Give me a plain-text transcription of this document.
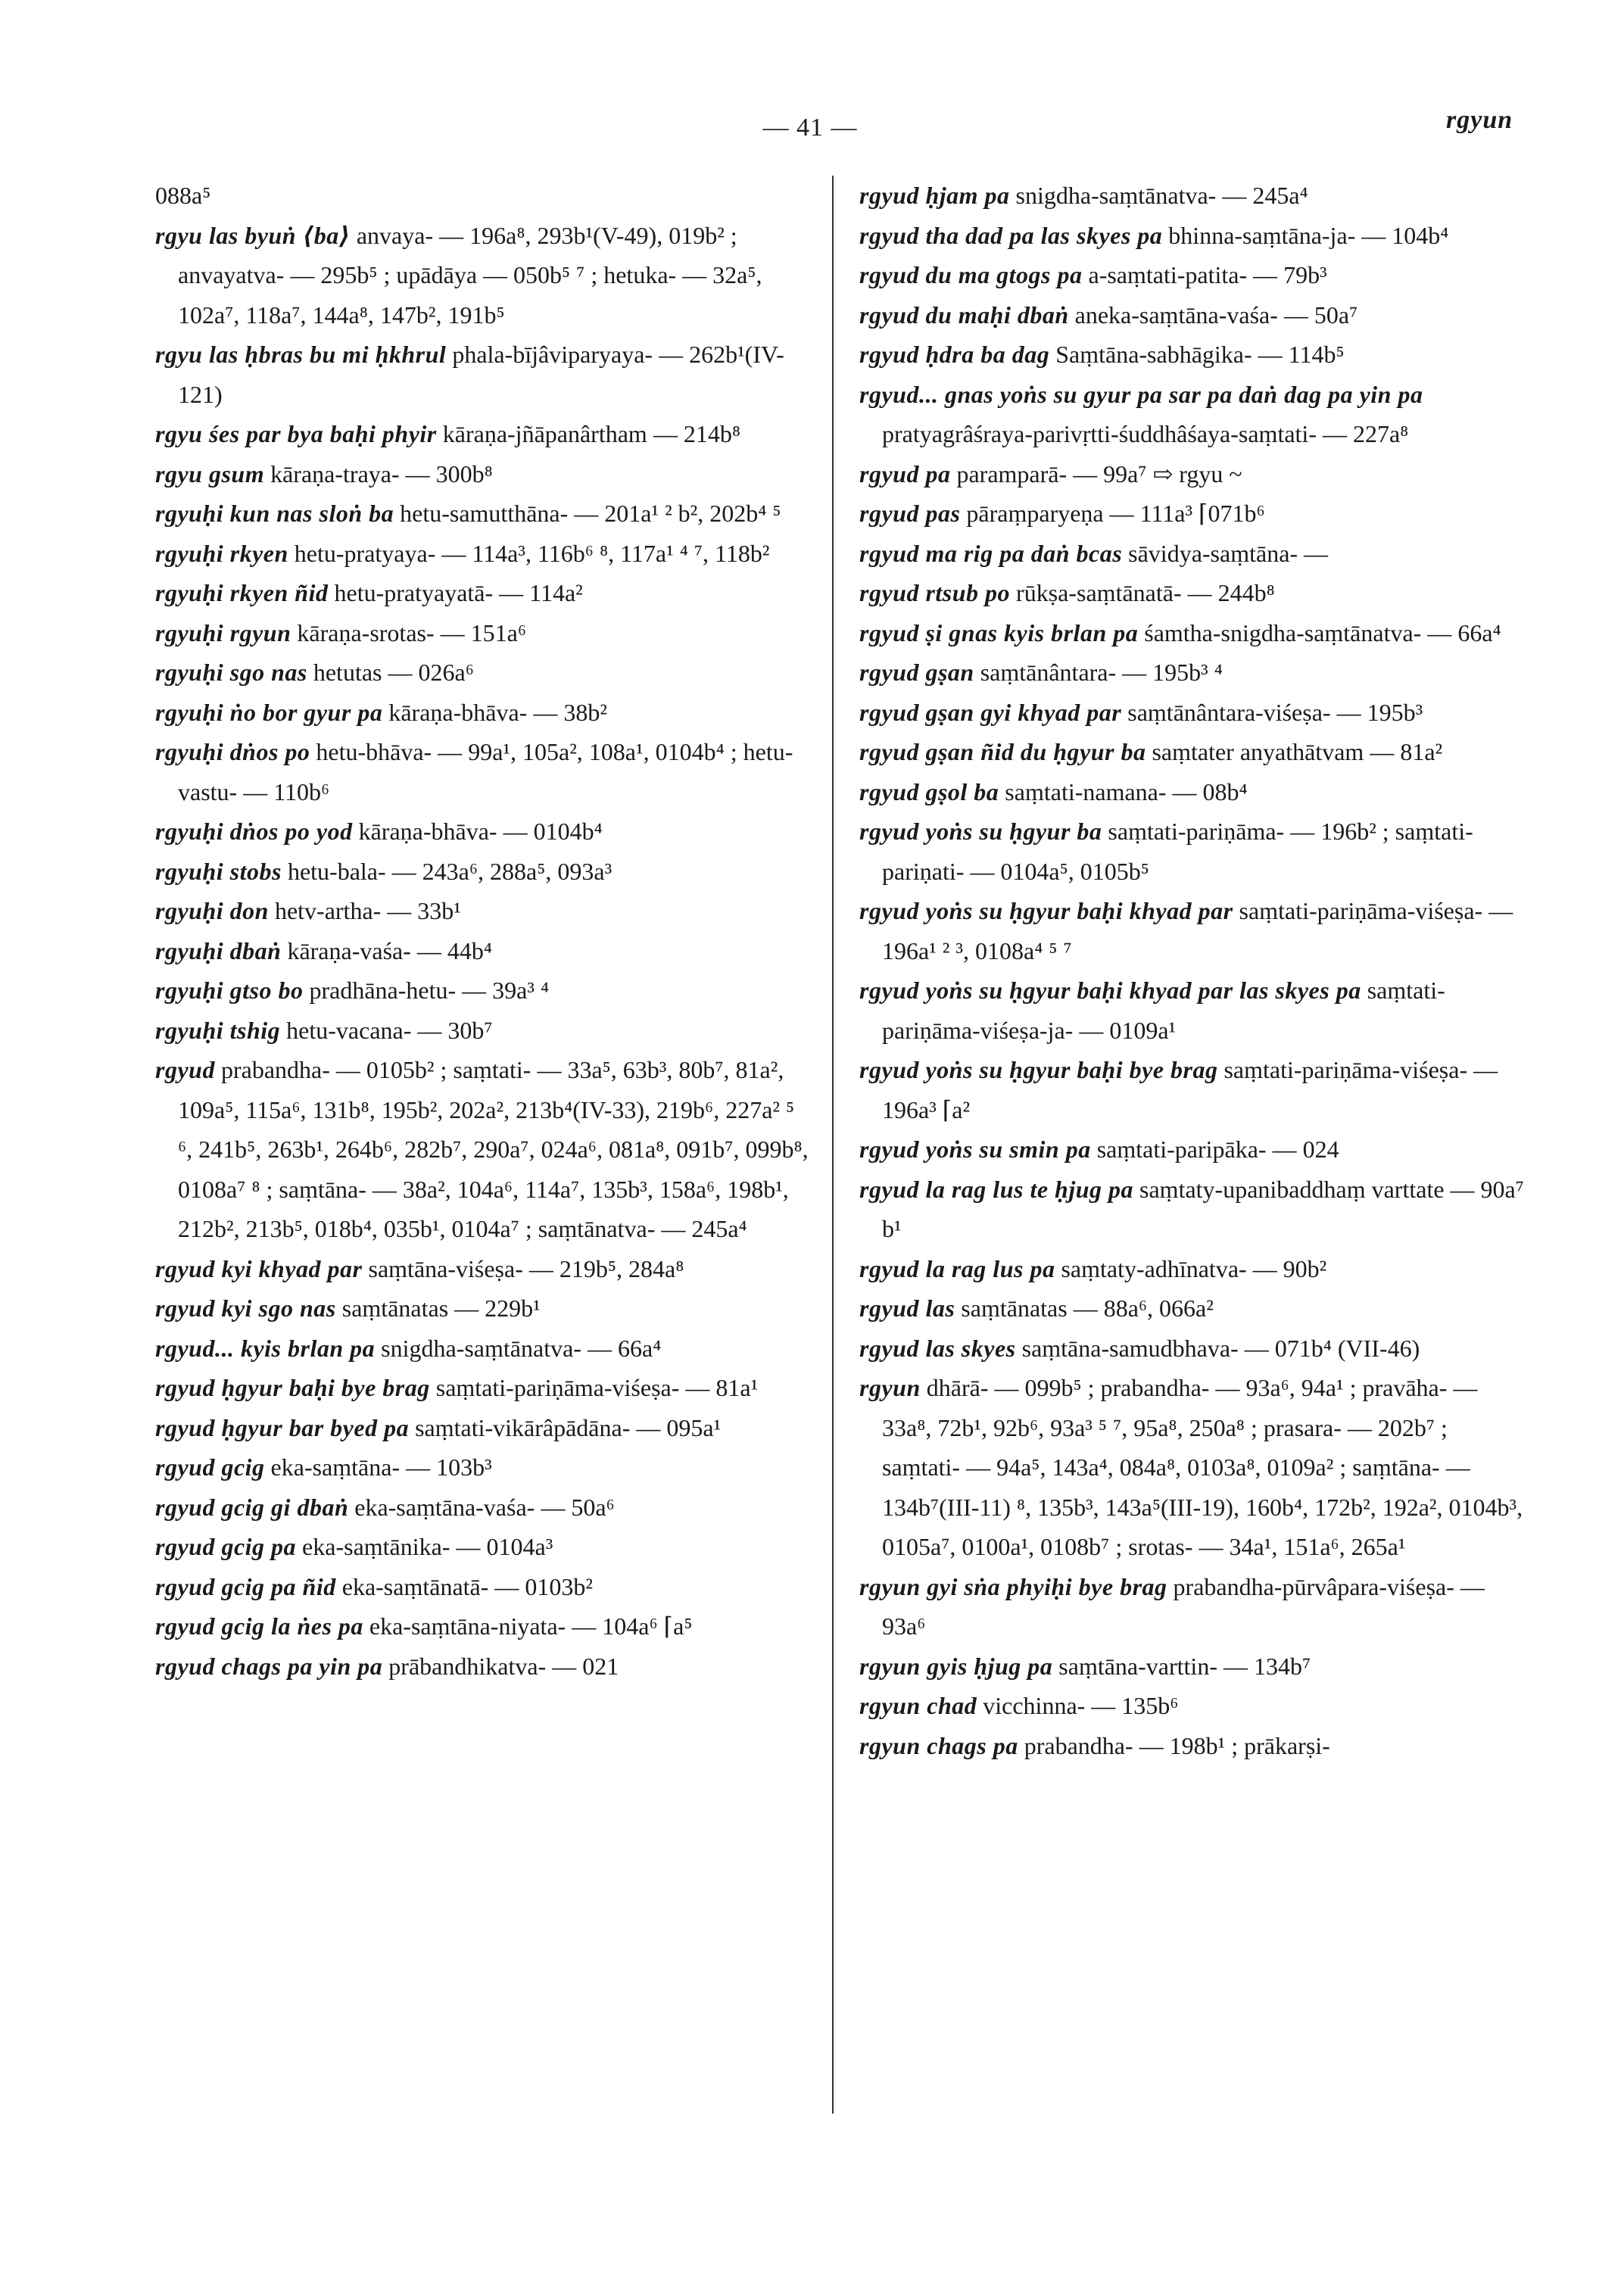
— 41 —	rgyun

088a⁵

rgyu las byuṅ ⟨ba⟩ anvaya- — 196a⁸, 293b¹(V-49), 019b² ; anvayatva- — 295b⁵ ; upādāya — 050b⁵ ⁷ ; hetuka- — 32a⁵, 102a⁷, 118a⁷, 144a⁸, 147b², 191b⁵

rgyu las ḥbras bu mi ḥkhrul phala-bījâviparyaya- — 262b¹(IV-121)

rgyu śes par bya baḥi phyir kāraṇa-jñāpanârtham — 214b⁸

rgyu gsum kāraṇa-traya- — 300b⁸

rgyuḥi kun nas sloṅ ba hetu-samutthāna- — 201a¹ ² b², 202b⁴ ⁵

rgyuḥi rkyen hetu-pratyaya- — 114a³, 116b⁶ ⁸, 117a¹ ⁴ ⁷, 118b²

rgyuḥi rkyen ñid hetu-pratyayatā- — 114a²

rgyuḥi rgyun kāraṇa-srotas- — 151a⁶

rgyuḥi sgo nas hetutas — 026a⁶

rgyuḥi ṅo bor gyur pa kāraṇa-bhāva- — 38b²

rgyuḥi dṅos po hetu-bhāva- — 99a¹, 105a², 108a¹, 0104b⁴ ; hetu-vastu- — 110b⁶

rgyuḥi dṅos po yod kāraṇa-bhāva- — 0104b⁴

rgyuḥi stobs hetu-bala- — 243a⁶, 288a⁵, 093a³

rgyuḥi don hetv-artha- — 33b¹

rgyuḥi dbaṅ kāraṇa-vaśa- — 44b⁴

rgyuḥi gtso bo pradhāna-hetu- — 39a³ ⁴

rgyuḥi tshig hetu-vacana- — 30b⁷

rgyud prabandha- — 0105b² ; saṃtati- — 33a⁵, 63b³, 80b⁷, 81a², 109a⁵, 115a⁶, 131b⁸, 195b², 202a², 213b⁴(IV-33), 219b⁶, 227a² ⁵ ⁶, 241b⁵, 263b¹, 264b⁶, 282b⁷, 290a⁷, 024a⁶, 081a⁸, 091b⁷, 099b⁸, 0108a⁷ ⁸ ; saṃtāna- — 38a², 104a⁶, 114a⁷, 135b³, 158a⁶, 198b¹, 212b², 213b⁵, 018b⁴, 035b¹, 0104a⁷ ; saṃtānatva- — 245a⁴

rgyud kyi khyad par saṃtāna-viśeṣa- — 219b⁵, 284a⁸

rgyud kyi sgo nas saṃtānatas — 229b¹

rgyud... kyis brlan pa snigdha-saṃtānatva- — 66a⁴

rgyud ḥgyur baḥi bye brag saṃtati-pariṇāma-viśeṣa- — 81a¹

rgyud ḥgyur bar byed pa saṃtati-vikārâpādāna- — 095a¹

rgyud gcig eka-saṃtāna- — 103b³

rgyud gcig gi dbaṅ eka-saṃtāna-vaśa- — 50a⁶

rgyud gcig pa eka-saṃtānika- — 0104a³

rgyud gcig pa ñid eka-saṃtānatā- — 0103b²

rgyud gcig la ṅes pa eka-saṃtāna-niyata- — 104a⁶ ⌈a⁵

rgyud chags pa yin pa prābandhikatva- — 021

rgyud ḥjam pa snigdha-saṃtānatva- — 245a⁴

rgyud tha dad pa las skyes pa bhinna-saṃtāna-ja- — 104b⁴

rgyud du ma gtogs pa a-saṃtati-patita- — 79b³

rgyud du maḥi dbaṅ aneka-saṃtāna-vaśa- — 50a⁷

rgyud ḥdra ba dag Saṃtāna-sabhāgika- — 114b⁵

rgyud... gnas yoṅs su gyur pa sar pa daṅ dag pa yin pa pratyagrâśraya-parivṛtti-śuddhâśaya-saṃtati- — 227a⁸

rgyud pa paramparā- — 99a⁷ ⇨ rgyu ~

rgyud pas pāraṃparyeṇa — 111a³ ⌈071b⁶

rgyud ma rig pa daṅ bcas sāvidya-saṃtāna- —

rgyud rtsub po rūkṣa-saṃtānatā- — 244b⁸

rgyud ṣi gnas kyis brlan pa śamtha-snigdha-saṃtānatva- — 66a⁴

rgyud gṣan saṃtānântara- — 195b³ ⁴

rgyud gṣan gyi khyad par saṃtānântara-viśeṣa- — 195b³

rgyud gṣan ñid du ḥgyur ba saṃtater anyathātvam — 81a²

rgyud gṣol ba saṃtati-namana- — 08b⁴

rgyud yoṅs su ḥgyur ba saṃtati-pariṇāma- — 196b² ; saṃtati-pariṇati- — 0104a⁵, 0105b⁵

rgyud yoṅs su ḥgyur baḥi khyad par saṃtati-pariṇāma-viśeṣa- — 196a¹ ² ³, 0108a⁴ ⁵ ⁷

rgyud yoṅs su ḥgyur baḥi khyad par las skyes pa saṃtati-pariṇāma-viśeṣa-ja- — 0109a¹

rgyud yoṅs su ḥgyur baḥi bye brag saṃtati-pariṇāma-viśeṣa- — 196a³ ⌈a²

rgyud yoṅs su smin pa saṃtati-paripāka- — 024

rgyud la rag lus te ḥjug pa saṃtaty-upanibaddhaṃ varttate — 90a⁷ b¹

rgyud la rag lus pa saṃtaty-adhīnatva- — 90b²

rgyud las saṃtānatas — 88a⁶, 066a²

rgyud las skyes saṃtāna-samudbhava- — 071b⁴ (VII-46)

rgyun dhārā- — 099b⁵ ; prabandha- — 93a⁶, 94a¹ ; pravāha- — 33a⁸, 72b¹, 92b⁶, 93a³ ⁵ ⁷, 95a⁸, 250a⁸ ; prasara- — 202b⁷ ; saṃtati- — 94a⁵, 143a⁴, 084a⁸, 0103a⁸, 0109a² ; saṃtāna- — 134b⁷(III-11) ⁸, 135b³, 143a⁵(III-19), 160b⁴, 172b², 192a², 0104b³, 0105a⁷, 0100a¹, 0108b⁷ ; srotas- — 34a¹, 151a⁶, 265a¹

rgyun gyi sṅa phyiḥi bye brag prabandha-pūrvâpara-viśeṣa- — 93a⁶

rgyun gyis ḥjug pa saṃtāna-varttin- — 134b⁷

rgyun chad vicchinna- — 135b⁶

rgyun chags pa prabandha- — 198b¹ ; prākarṣi-
